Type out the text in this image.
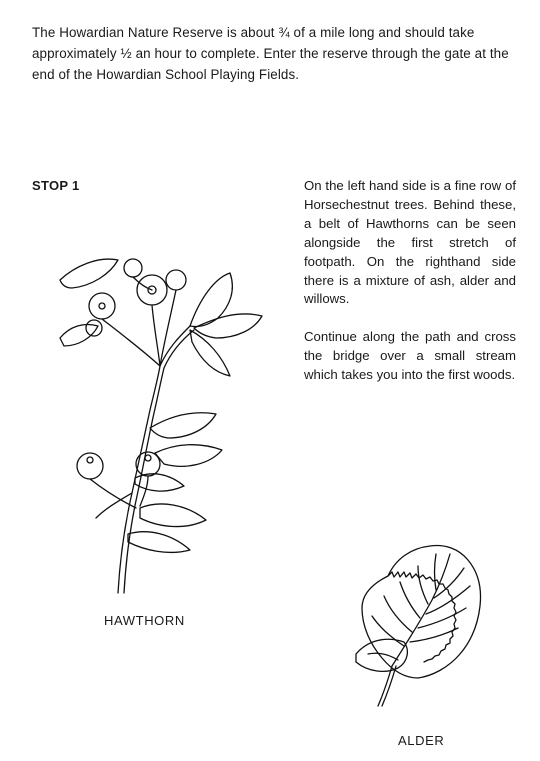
The Howardian Nature Reserve is about ¾ of a mile long and should take approximately ½ an hour to complete. Enter the reserve through the gate at the end of the Howardian School Playing Fields.

STOP 1	On the left hand side is a fine row of Horsechestnut trees. Behind these, a belt of Hawthorns can be seen alongside the first stretch of footpath. On the righthand side there is a mixture of ash, alder and willows.

Continue along the path and cross the bridge over a small stream which takes you into the first woods.

HAWTHORN

ALDER
